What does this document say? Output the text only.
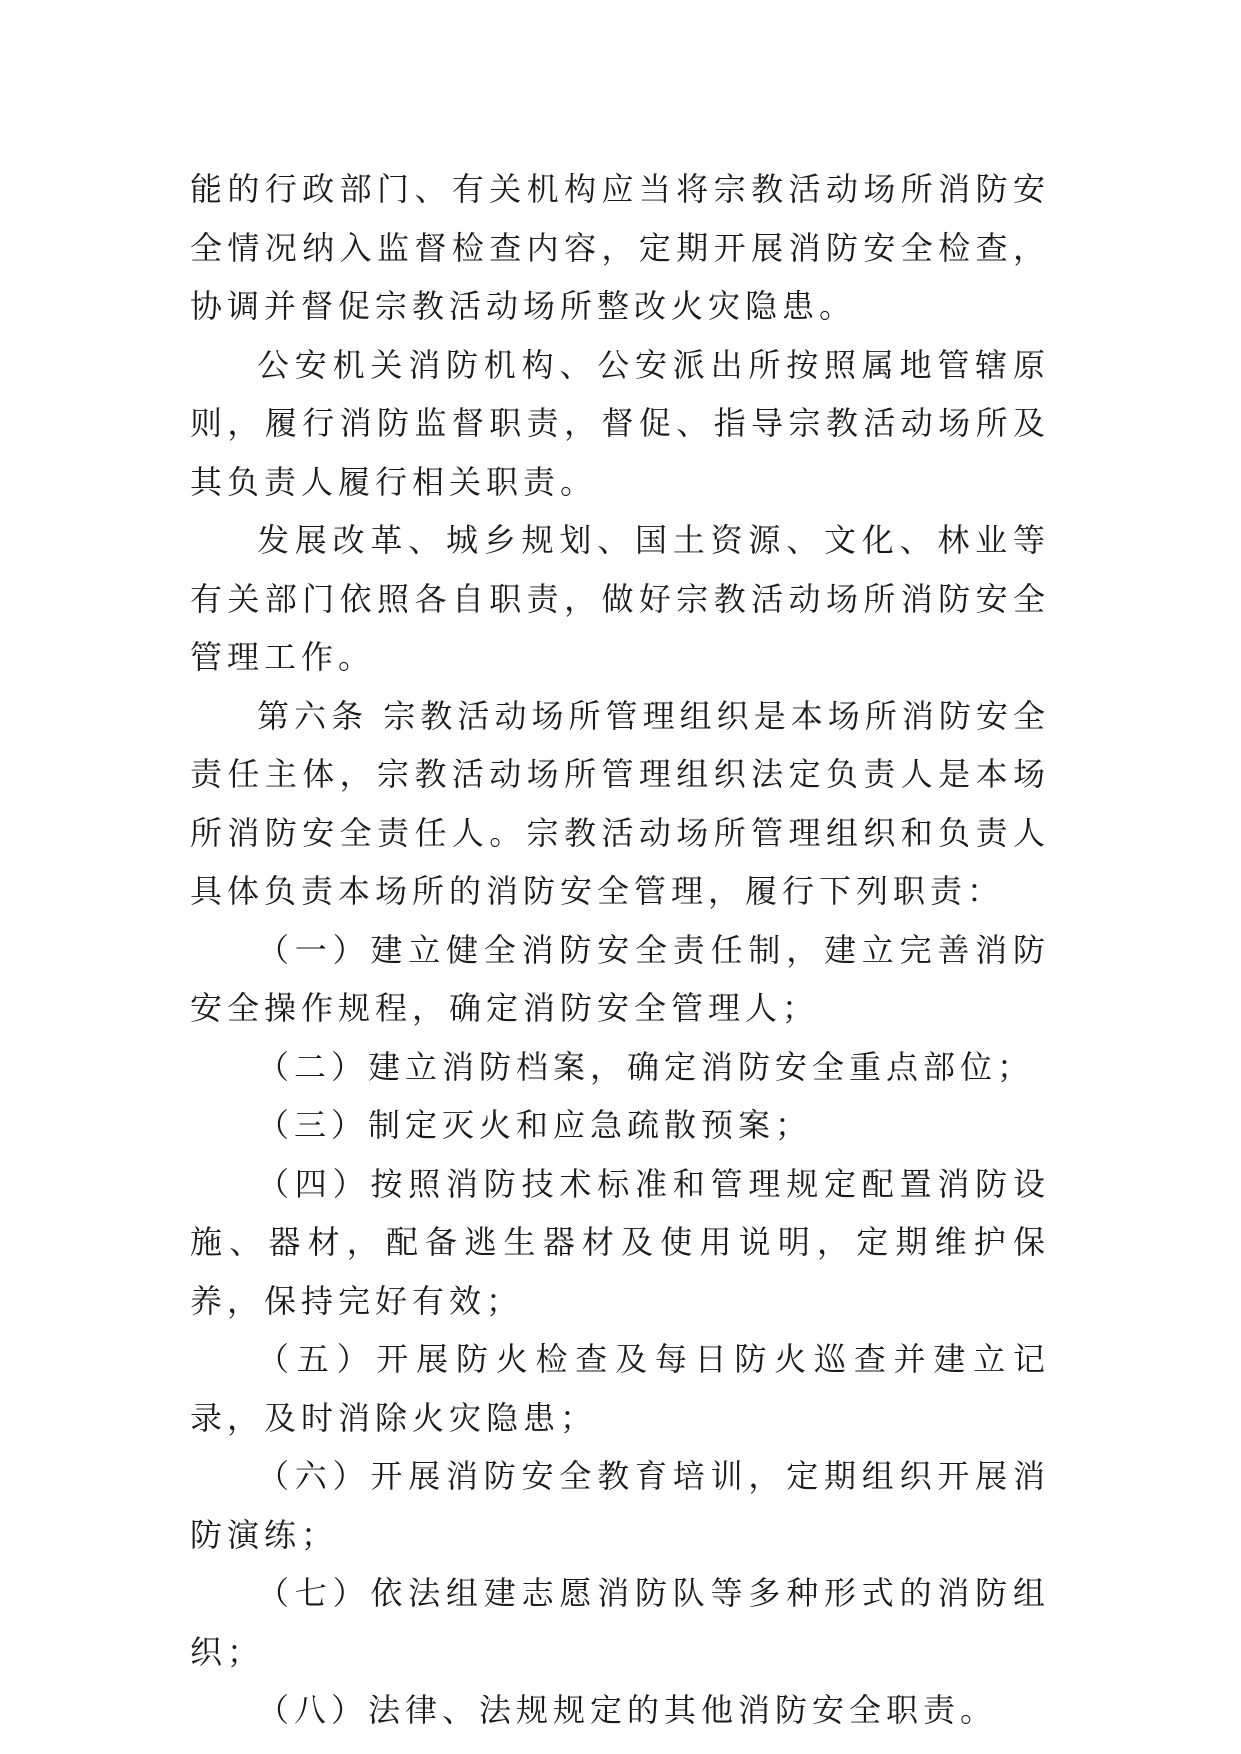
能的行政部门、有关机构应当将宗教活动场所消防安全情况纳入监督检查内容，定期开展消防安全检查，协调并督促宗教活动场所整改火灾隐患。

公安机关消防机构、公安派出所按照属地管辖原则，履行消防监督职责，督促、指导宗教活动场所及其负责人履行相关职责。

发展改革、城乡规划、国土资源、文化、林业等有关部门依照各自职责，做好宗教活动场所消防安全管理工作。

第六条 宗教活动场所管理组织是本场所消防安全责任主体，宗教活动场所管理组织法定负责人是本场所消防安全责任人。宗教活动场所管理组织和负责人具体负责本场所的消防安全管理，履行下列职责：

（一）建立健全消防安全责任制，建立完善消防安全操作规程，确定消防安全管理人；

（二）建立消防档案，确定消防安全重点部位；

（三）制定灭火和应急疏散预案；

（四）按照消防技术标准和管理规定配置消防设施、器材，配备逃生器材及使用说明，定期维护保养，保持完好有效；

（五）开展防火检查及每日防火巡查并建立记录，及时消除火灾隐患；

（六）开展消防安全教育培训，定期组织开展消防演练；

（七）依法组建志愿消防队等多种形式的消防组织；

（八）法律、法规规定的其他消防安全职责。
